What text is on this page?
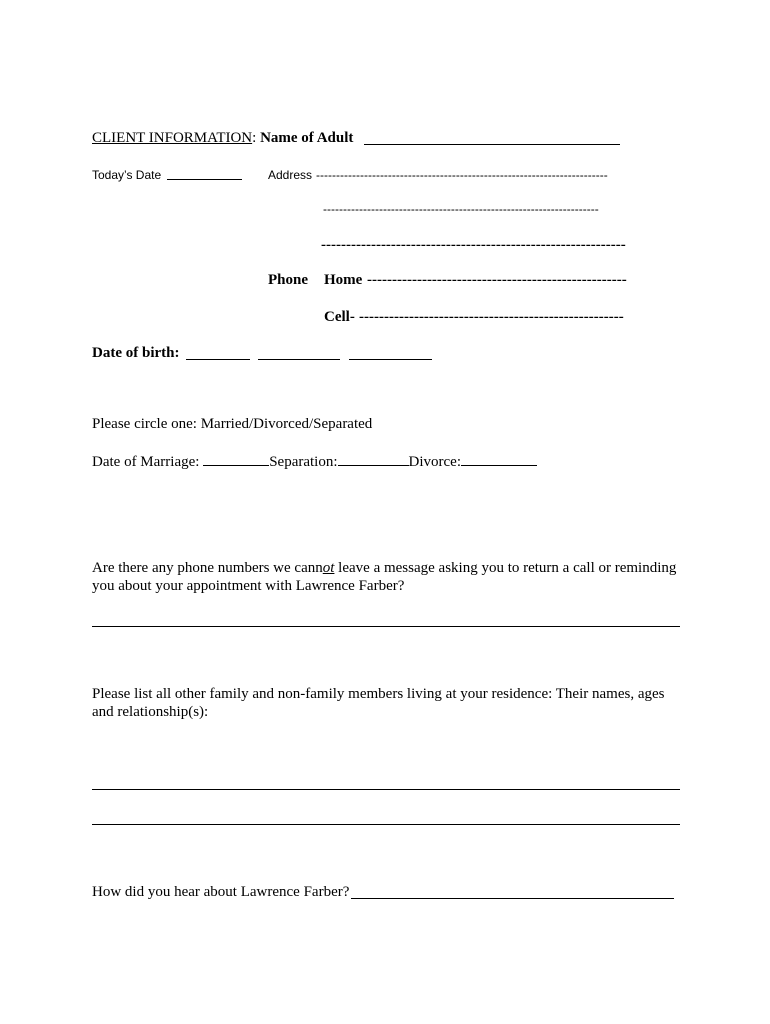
CLIENT INFORMATION: Name of Adult
Today’s Date	Address -------------------------------------------------------------------------
---------------------------------------------------------------------
-------------------------------------------------------------
Phone Home ----------------------------------------------------
Cell- -----------------------------------------------------
Date of birth:
Please circle one: Married/Divorced/Separated
Date of Marriage:	Separation:	Divorce:
Are there any phone numbers we cannot leave a message asking you to return a call or reminding
you about your appointment with Lawrence Farber?
Please list all other family and non-family members living at your residence: Their names, ages
and relationship(s):
How did you hear about Lawrence Farber?
